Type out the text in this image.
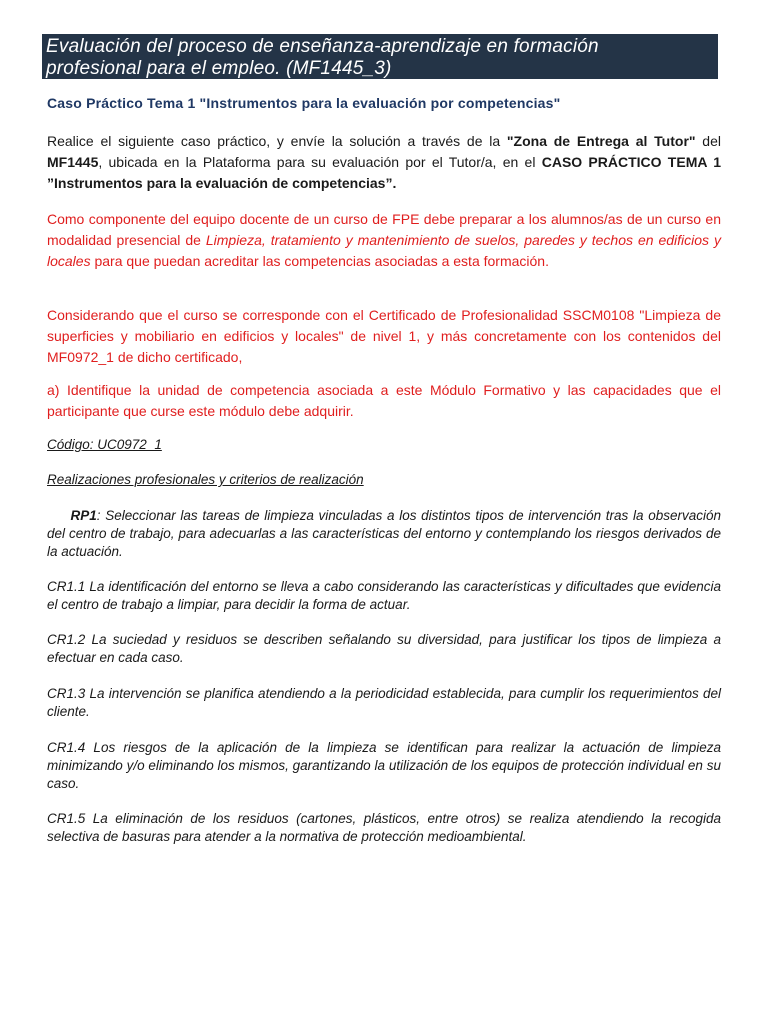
Evaluación del proceso de enseñanza-aprendizaje en formación
profesional para el empleo. (MF1445_3)
Caso Práctico Tema 1 "Instrumentos para la evaluación por competencias"
Realice el siguiente caso práctico, y envíe la solución a través de la "Zona de Entrega al Tutor" del MF1445, ubicada en la Plataforma para su evaluación por el Tutor/a, en el CASO PRÁCTICO TEMA 1 ”Instrumentos para la evaluación de competencias”.
Como componente del equipo docente de un curso de FPE debe preparar a los alumnos/as de un curso en modalidad presencial de Limpieza, tratamiento y mantenimiento de suelos, paredes y techos en edificios y locales para que puedan acreditar las competencias asociadas a esta formación.
Considerando que el curso se corresponde con el Certificado de Profesionalidad SSCM0108 "Limpieza de superficies y mobiliario en edificios y locales" de nivel 1, y más concretamente con los contenidos del MF0972_1 de dicho certificado,
a) Identifique la unidad de competencia asociada a este Módulo Formativo y las capacidades que el participante que curse este módulo debe adquirir.
Código: UC0972_1
Realizaciones profesionales y criterios de realización
RP1: Seleccionar las tareas de limpieza vinculadas a los distintos tipos de intervención tras la observación del centro de trabajo, para adecuarlas a las características del entorno y contemplando los riesgos derivados de la actuación.
CR1.1 La identificación del entorno se lleva a cabo considerando las características y dificultades que evidencia el centro de trabajo a limpiar, para decidir la forma de actuar.
CR1.2 La suciedad y residuos se describen señalando su diversidad, para justificar los tipos de limpieza a efectuar en cada caso.
CR1.3 La intervención se planifica atendiendo a la periodicidad establecida, para cumplir los requerimientos del cliente.
CR1.4 Los riesgos de la aplicación de la limpieza se identifican para realizar la actuación de limpieza minimizando y/o eliminando los mismos, garantizando la utilización de los equipos de protección individual en su caso.
CR1.5 La eliminación de los residuos (cartones, plásticos, entre otros) se realiza atendiendo la recogida selectiva de basuras para atender a la normativa de protección medioambiental.
